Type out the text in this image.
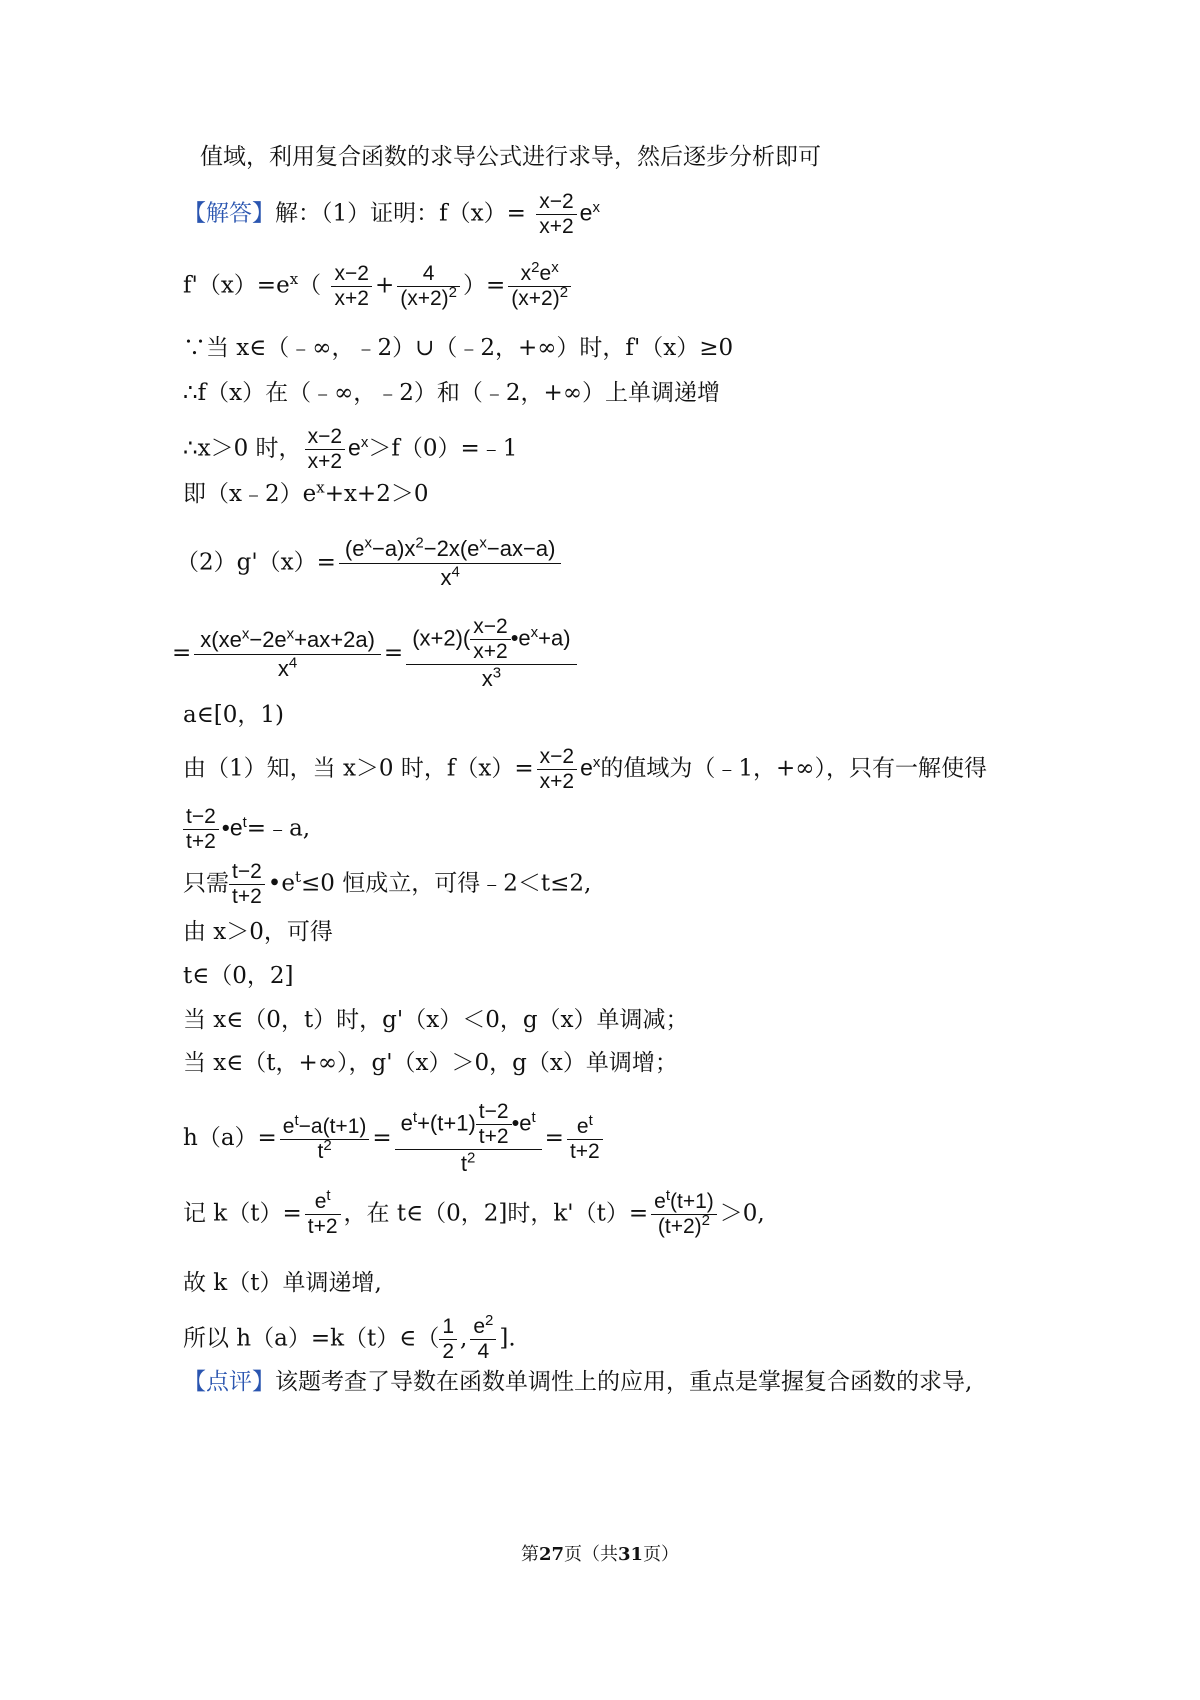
值域，利用复合函数的求导公式进行求导，然后逐步分析即可
【解答】解：（1）证明：$f(x)= \frac{x-2}{x+2} e^x$
$f'(x)=e^x( \frac{x-2}{x+2} + \frac{4}{(x+2)^2}$ ）= $\frac{x^2e^x}{(x+2)^2}$
∵当 x∈（﹣∞，﹣2）∪（﹣2，+∞）时，f'（x）≥0
∴f（x）在（﹣∞，﹣2）和（﹣2，+∞）上单调递增
∴x＞0 时， $\frac{x-2}{x+2}$ $e^x>f(0)=﹣1$
即$(x﹣2)e^x+x+2>0$
$(2)g'(x)= \frac{(e^x-a)x^2-2x(e^x-ax-a)}{x^4}$
= $\frac{x(xe^x-2e^x+ax+2a)}{x^4} = \frac{(x+2)( \frac{x-2}{x+2} •e^x+a)}{x^3}$
a∈[0，1)
由（1）知，当 x＞0 时，$f(x)= \frac{x-2}{x+2} e^x$的值域为（﹣1，+∞），只有一解使得
$\frac{t-2}{t+2}$ $•e^t=﹣a$,
只需 $\frac{t-2}{t+2}$ $•e^t\le 0$ 恒成立，可得﹣2＜t≤2,
由 x＞0，可得
t∈（0，2]
当 x∈（0，t）时，g'（x）＜0，g（x）单调减；
当 x∈（t，+∞），g'（x）＞0，g（x）单调增；
$h(a)= \frac{e^t-a(t+1)}{t^2} = \frac{e^t+(t+1) \frac{t-2}{t+2} •e^t}{t^2} = \frac{e^t}{t+2}$
记 $k(t)= \frac{e^t}{t+2}$ ，在 t∈（0，2]时，$k'(t)= \frac{e^t(t+1)}{(t+2)^2} >0$,
故 k（t）单调递增,
所以 h（a）=k（t）∈（ $\frac{1}{2}$ , $\frac{e^2}{4}$ ].
【点评】该题考查了导数在函数单调性上的应用，重点是掌握复合函数的求导,
第27页（共31页）
